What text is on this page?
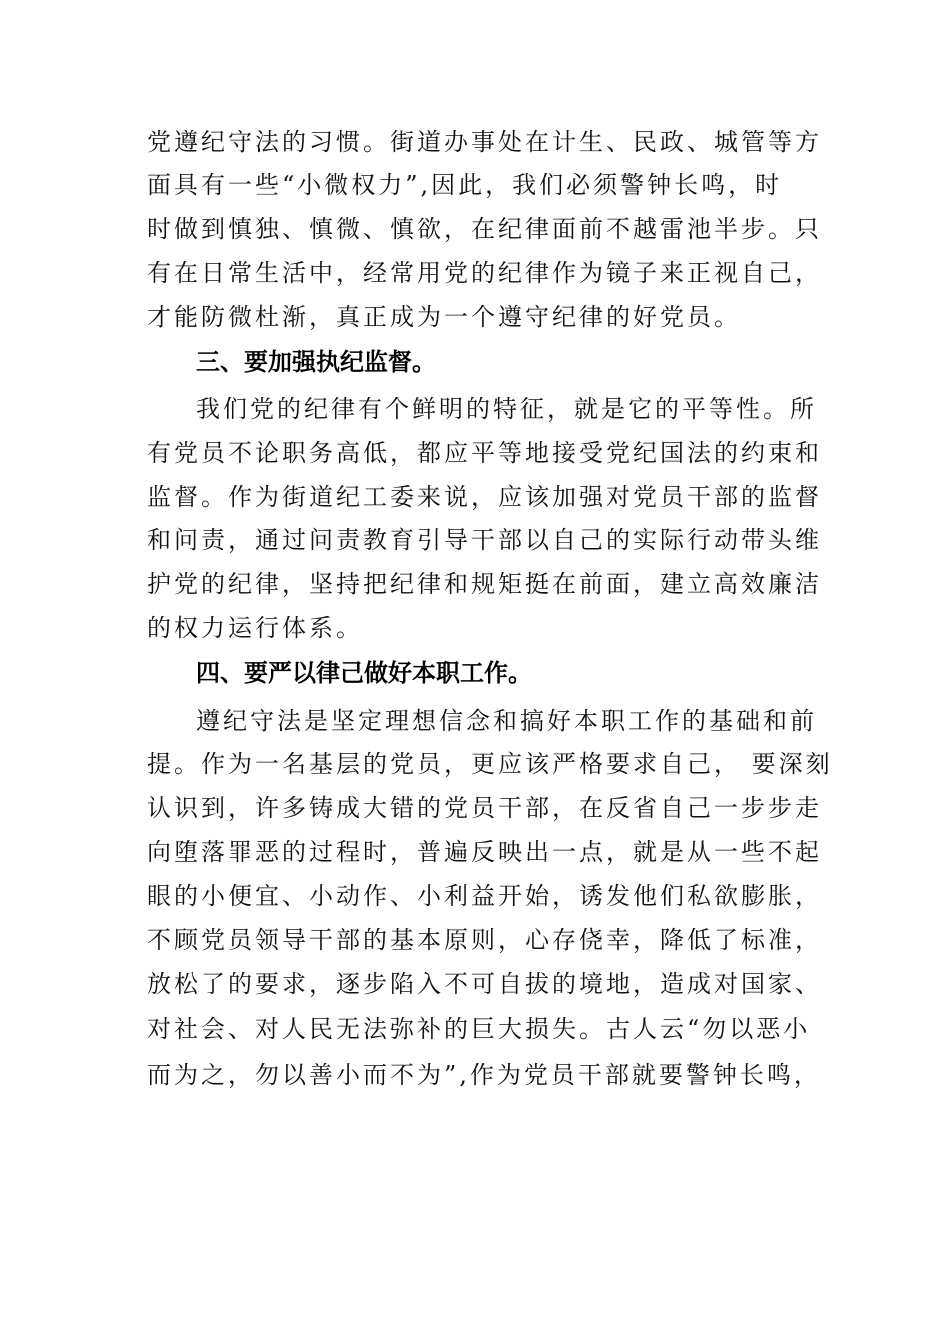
党遵纪守法的习惯。街道办事处在计生、民政、城管等方
面具有一些“小微权力”,因此，我们必须警钟长鸣，时
时做到慎独、慎微、慎欲，在纪律面前不越雷池半步。只
有在日常生活中，经常用党的纪律作为镜子来正视自己，
才能防微杜渐，真正成为一个遵守纪律的好党员。
三、要加强执纪监督。
我们党的纪律有个鲜明的特征，就是它的平等性。所
有党员不论职务高低，都应平等地接受党纪国法的约束和
监督。作为街道纪工委来说，应该加强对党员干部的监督
和问责，通过问责教育引导干部以自己的实际行动带头维
护党的纪律，坚持把纪律和规矩挺在前面，建立高效廉洁
的权力运行体系。
四、要严以律己做好本职工作。
遵纪守法是坚定理想信念和搞好本职工作的基础和前
提。作为一名基层的党员，更应该严格要求自己， 要深刻
认识到，许多铸成大错的党员干部，在反省自己一步步走
向堕落罪恶的过程时，普遍反映出一点，就是从一些不起
眼的小便宜、小动作、小利益开始，诱发他们私欲膨胀，
不顾党员领导干部的基本原则，心存侥幸，降低了标准，
放松了的要求，逐步陷入不可自拔的境地，造成对国家、
对社会、对人民无法弥补的巨大损失。古人云“勿以恶小
而为之，勿以善小而不为”,作为党员干部就要警钟长鸣，
